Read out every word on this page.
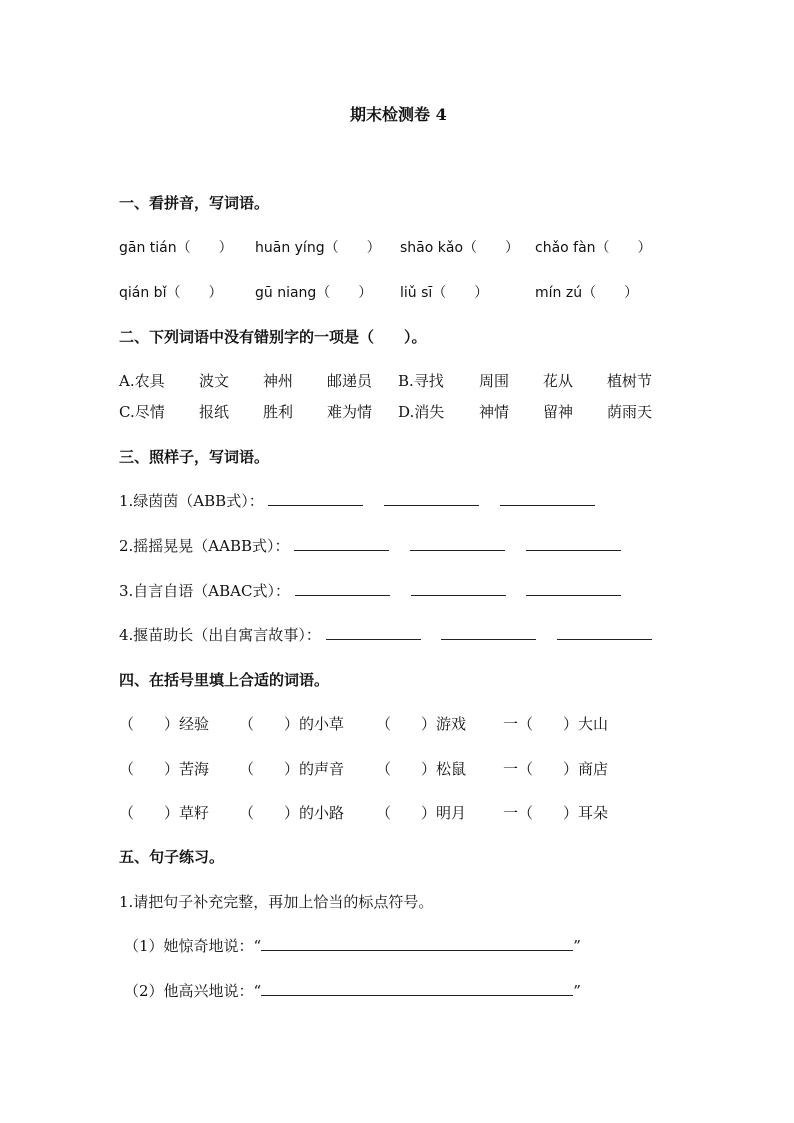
期末检测卷 4
一、看拼音，写词语。
gān tián（　　） huān yíng（　　） shāo kǎo（　　） chǎo fàn（　　）
qián bǐ（　　） gū niang（　　） liǔ sī（　　）	mín zú（　　）
二、下列词语中没有错别字的一项是（　　）。
A.农具 波文 神州 邮递员 B.寻找 周围 花从 植树节
C.尽情 报纸 胜利 难为情 D.消失 神情 留神 荫雨天
三、照样子，写词语。
1.绿茵茵（ABB式）：
2.摇摇晃晃（AABB式）：
3.自言自语（ABAC式）：
4.揠苗助长（出自寓言故事）：
四、在括号里填上合适的词语。
（　　）经验 （　　）的小草 （　　）游戏 一（　　）大山
（　　）苦海 （　　）的声音 （　　）松鼠 一（　　）商店
（　　）草籽 （　　）的小路 （　　）明月 一（　　）耳朵
五、句子练习。
1.请把句子补充完整，再加上恰当的标点符号。
（1）她惊奇地说：“	”
（2）他高兴地说：“	”
